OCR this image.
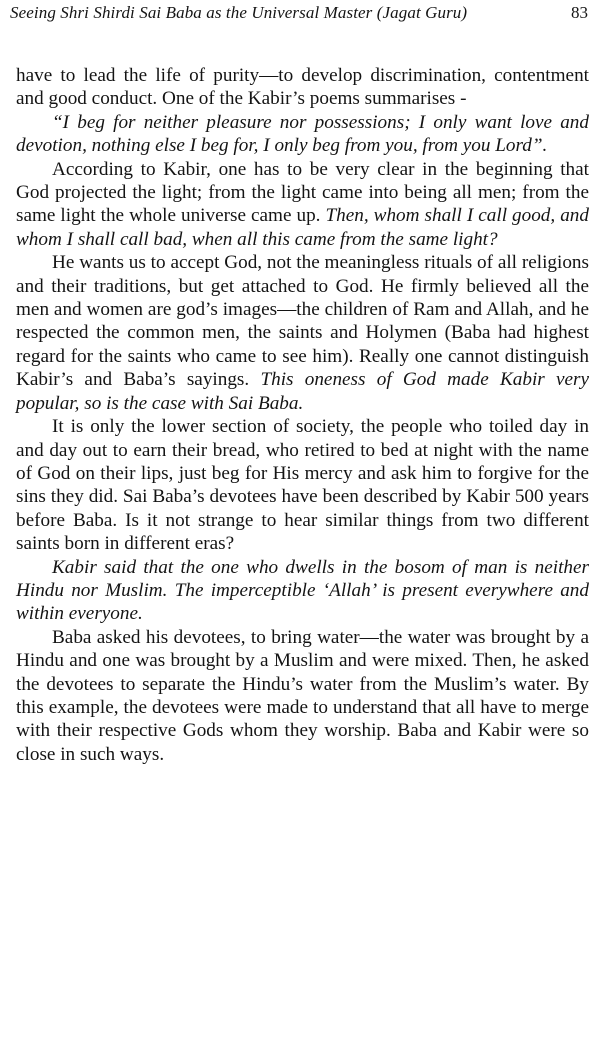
Seeing Shri Shirdi Sai Baba as the Universal Master (Jagat Guru)	83

have to lead the life of purity—to develop discrimination, contentment and good conduct. One of the Kabir’s poems summarises -

“I beg for neither pleasure nor possessions; I only want love and devotion, nothing else I beg for, I only beg from you, from you Lord”.

According to Kabir, one has to be very clear in the beginning that God projected the light; from the light came into being all men; from the same light the whole universe came up. Then, whom shall I call good, and whom I shall call bad, when all this came from the same light?

He wants us to accept God, not the meaningless rituals of all religions and their traditions, but get attached to God. He firmly believed all the men and women are god’s images—the children of Ram and Allah, and he respected the common men, the saints and Holymen (Baba had highest regard for the saints who came to see him). Really one cannot distinguish Kabir’s and Baba’s sayings. This oneness of God made Kabir very popular, so is the case with Sai Baba.

It is only the lower section of society, the people who toiled day in and day out to earn their bread, who retired to bed at night with the name of God on their lips, just beg for His mercy and ask him to forgive for the sins they did. Sai Baba’s devotees have been described by Kabir 500 years before Baba. Is it not strange to hear similar things from two different saints born in different eras?

Kabir said that the one who dwells in the bosom of man is neither Hindu nor Muslim. The imperceptible ‘Allah’ is present everywhere and within everyone.

Baba asked his devotees, to bring water—the water was brought by a Hindu and one was brought by a Muslim and were mixed. Then, he asked the devotees to separate the Hindu’s water from the Muslim’s water. By this example, the devotees were made to understand that all have to merge with their respective Gods whom they worship. Baba and Kabir were so close in such ways.
